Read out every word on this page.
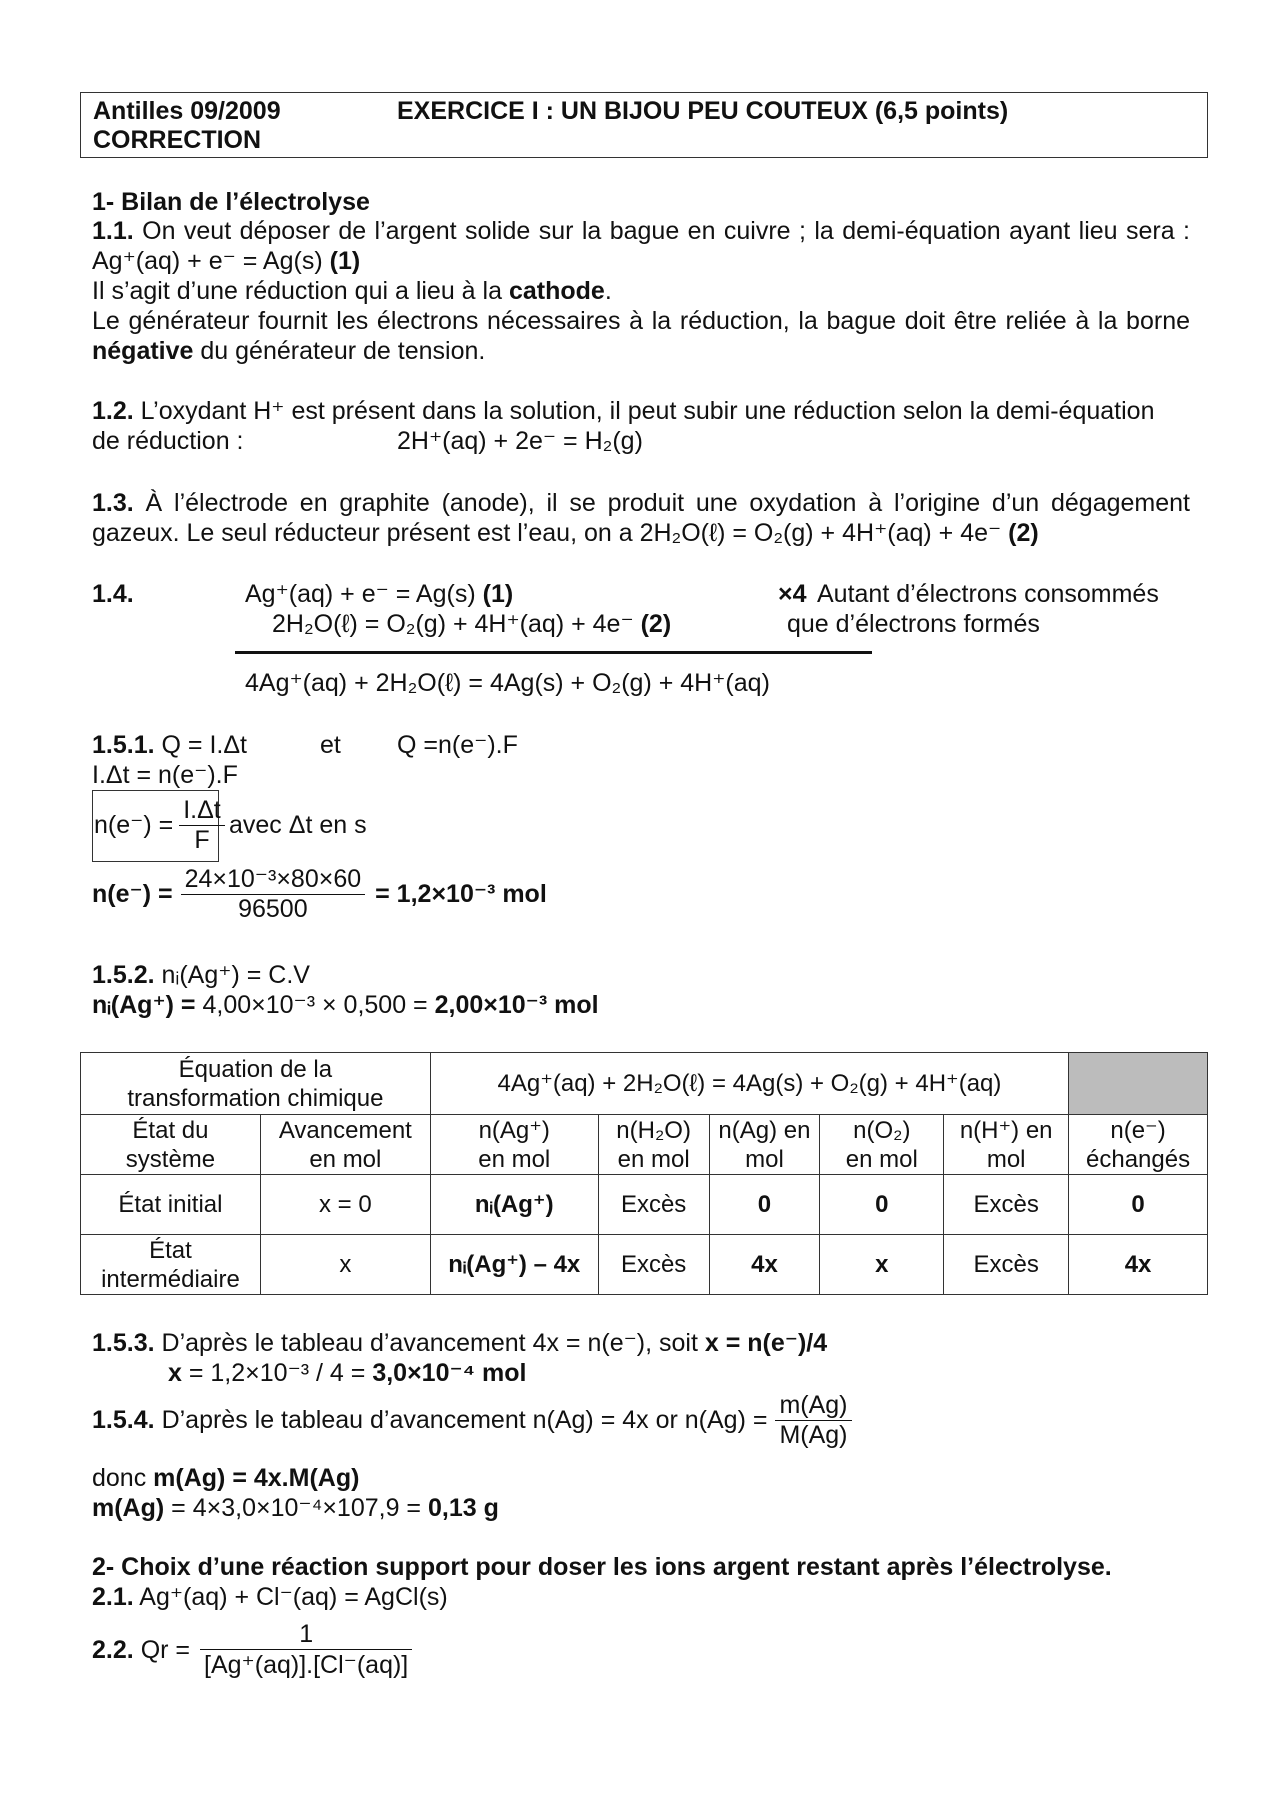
Antilles 09/2009	EXERCICE I : UN BIJOU PEU COUTEUX (6,5 points)
CORRECTION
1- Bilan de l’électrolyse
1.1. On veut déposer de l’argent solide sur la bague en cuivre ; la demi-équation ayant lieu sera : Ag⁺(aq) + e⁻ = Ag(s) (1)
Il s’agit d’une réduction qui a lieu à la cathode.
Le générateur fournit les électrons nécessaires à la réduction, la bague doit être reliée à la borne négative du générateur de tension.
1.2. L’oxydant H⁺ est présent dans la solution, il peut subir une réduction selon la demi-équation
de réduction :	2H⁺(aq) + 2e⁻ = H₂(g)
1.3. À l’électrode en graphite (anode), il se produit une oxydation à l’origine d’un dégagement gazeux. Le seul réducteur présent est l’eau, on a 2H₂O(ℓ) = O₂(g) + 4H⁺(aq) + 4e⁻ (2)
1.4.	Ag⁺(aq) + e⁻ = Ag(s) (1)	×4 Autant d’électrons consommés
2H₂O(ℓ) = O₂(g) + 4H⁺(aq) + 4e⁻ (2)	que d’électrons formés
4Ag⁺(aq) + 2H₂O(ℓ) = 4Ag(s) + O₂(g) + 4H⁺(aq)
1.5.1. Q = I.Δt	et Q =n(e⁻).F
I.Δt = n(e⁻).F
$n(e^-) = \frac{I.\Delta t}{F}$ avec Δt en s
$n(e^-) = \frac{\text{24×10⁻³×80×60}}{96500} = 1,2\times 10^{-3}$ mol
1.5.2. nᵢ(Ag⁺) = C.V
nᵢ(Ag⁺) = 4,00×10⁻³ × 0,500 = 2,00×10⁻³ mol
Équation de la transformation chimique		4Ag⁺(aq) + 2H₂O(ℓ) = 4Ag(s) + O₂(g) + 4H⁺(aq)					
État du système	Avancement en mol	n(Ag⁺) en mol	n(H₂O) en mol	n(Ag) en mol	n(O₂) en mol	n(H⁺) en mol	n(e⁻) échangés
État initial	x = 0	nᵢ(Ag⁺)	Excès	0	0	Excès	0
État intermédiaire	x	nᵢ(Ag⁺) – 4x	Excès	4x	x	Excès	4x
1.5.3. D’après le tableau d’avancement 4x = n(e⁻), soit x = n(e⁻)/4
x = 1,2×10⁻³ / 4 = 3,0×10⁻⁴ mol
1.5.4. D’après le tableau d’avancement n(Ag) = 4x or $n(Ag) = \frac{m(Ag)}{M(Ag)}$
donc m(Ag) = 4x.M(Ag)
m(Ag) = 4×3,0×10⁻⁴×107,9 = 0,13 g
2- Choix d’une réaction support pour doser les ions argent restant après l’électrolyse.
2.1. Ag⁺(aq) + Cl⁻(aq) = AgCl(s)
2.2. $Qr = \frac{1}{[Ag^+(aq)].[Cl^-(aq)]}$
